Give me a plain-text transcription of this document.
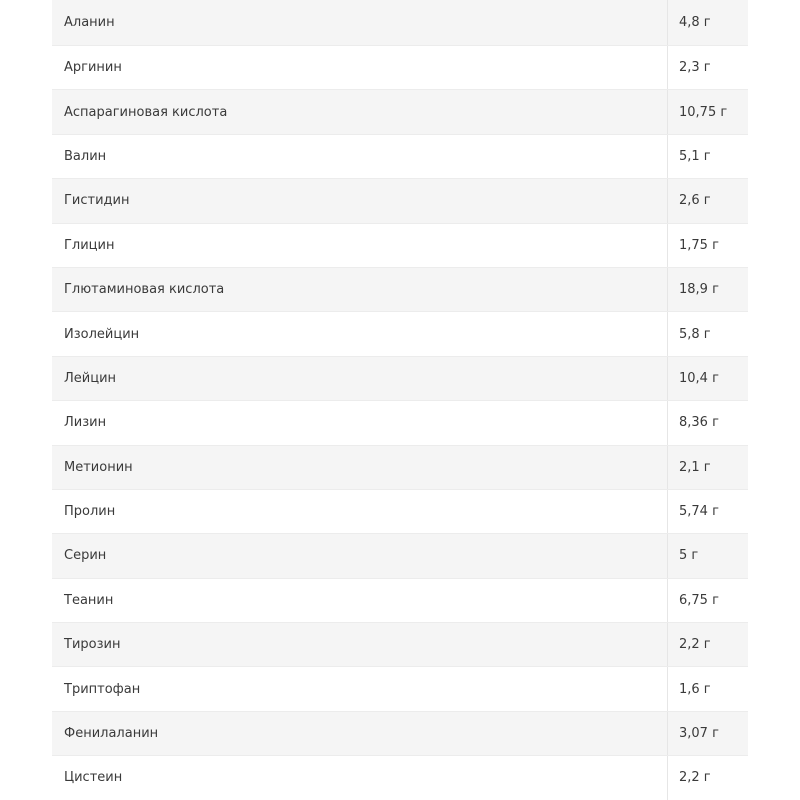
Аланин	4,8 г
Аргинин	2,3 г
Аспарагиновая кислота	10,75 г
Валин	5,1 г
Гистидин	2,6 г
Глицин	1,75 г
Глютаминовая кислота	18,9 г
Изолейцин	5,8 г
Лейцин	10,4 г
Лизин	8,36 г
Метионин	2,1 г
Пролин	5,74 г
Серин	5 г
Теанин	6,75 г
Тирозин	2,2 г
Триптофан	1,6 г
Фенилаланин	3,07 г
Цистеин	2,2 г
